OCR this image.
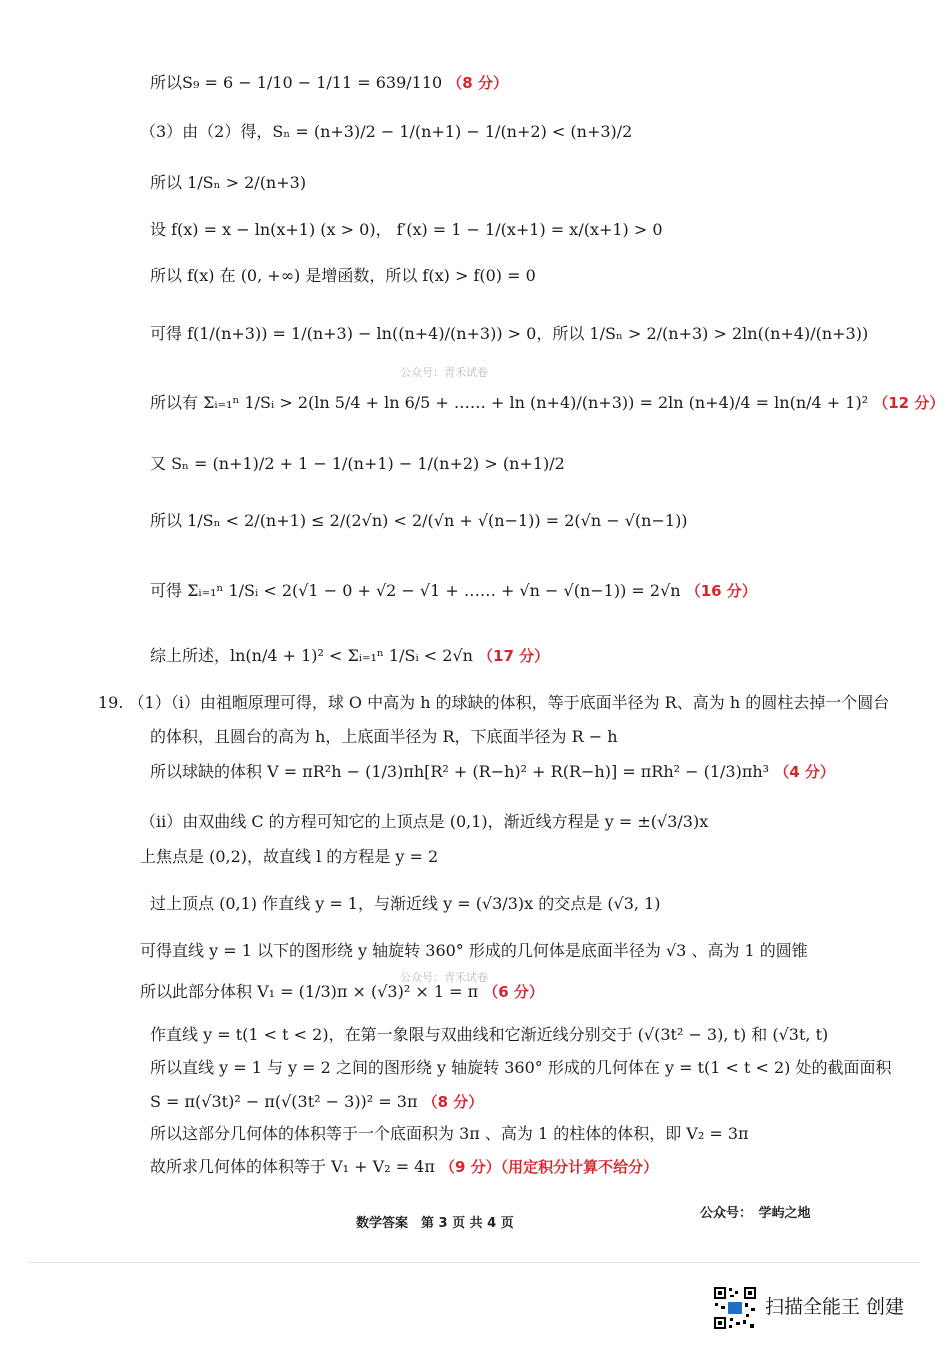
所以S₉ = 6 − 1/10 − 1/11 = 639/110 （8 分）
（3）由（2）得，Sₙ = (n+3)/2 − 1/(n+1) − 1/(n+2) < (n+3)/2
所以 1/Sₙ > 2/(n+3)
设 f(x) = x − ln(x+1) (x > 0)， f′(x) = 1 − 1/(x+1) = x/(x+1) > 0
所以 f(x) 在 (0, +∞) 是增函数，所以 f(x) > f(0) = 0
可得 f(1/(n+3)) = 1/(n+3) − ln((n+4)/(n+3)) > 0，所以 1/Sₙ > 2/(n+3) > 2ln((n+4)/(n+3))
公众号：青禾试卷
所以有 Σᵢ₌₁ⁿ 1/Sᵢ > 2(ln 5/4 + ln 6/5 + …… + ln (n+4)/(n+3)) = 2ln (n+4)/4 = ln(n/4 + 1)² （12 分）
又 Sₙ = (n+1)/2 + 1 − 1/(n+1) − 1/(n+2) > (n+1)/2
所以 1/Sₙ < 2/(n+1) ≤ 2/(2√n) < 2/(√n + √(n−1)) = 2(√n − √(n−1))
可得 Σᵢ₌₁ⁿ 1/Sᵢ < 2(√1 − 0 + √2 − √1 + …… + √n − √(n−1)) = 2√n （16 分）
综上所述，ln(n/4 + 1)² < Σᵢ₌₁ⁿ 1/Sᵢ < 2√n （17 分）
19. （1）（i）由祖暅原理可得，球 O 中高为 h 的球缺的体积，等于底面半径为 R、高为 h 的圆柱去掉一个圆台
的体积，且圆台的高为 h，上底面半径为 R，下底面半径为 R − h
所以球缺的体积 V = πR²h − (1/3)πh[R² + (R−h)² + R(R−h)] = πRh² − (1/3)πh³ （4 分）
（ii）由双曲线 C 的方程可知它的上顶点是 (0,1)，渐近线方程是 y = ±(√3/3)x
上焦点是 (0,2)，故直线 l 的方程是 y = 2
过上顶点 (0,1) 作直线 y = 1，与渐近线 y = (√3/3)x 的交点是 (√3, 1)
可得直线 y = 1 以下的图形绕 y 轴旋转 360° 形成的几何体是底面半径为 √3 、高为 1 的圆锥
公众号：青禾试卷
所以此部分体积 V₁ = (1/3)π × (√3)² × 1 = π （6 分）
作直线 y = t(1 < t < 2)，在第一象限与双曲线和它渐近线分别交于 (√(3t² − 3), t) 和 (√3t, t)
所以直线 y = 1 与 y = 2 之间的图形绕 y 轴旋转 360° 形成的几何体在 y = t(1 < t < 2) 处的截面面积
S = π(√3t)² − π(√(3t² − 3))² = 3π （8 分）
所以这部分几何体的体积等于一个底面积为 3π 、高为 1 的柱体的体积，即 V₂ = 3π
故所求几何体的体积等于 V₁ + V₂ = 4π （9 分）（用定积分计算不给分）
公众号：　学屿之地
数学答案　第 3 页 共 4 页
扫描全能王 创建
